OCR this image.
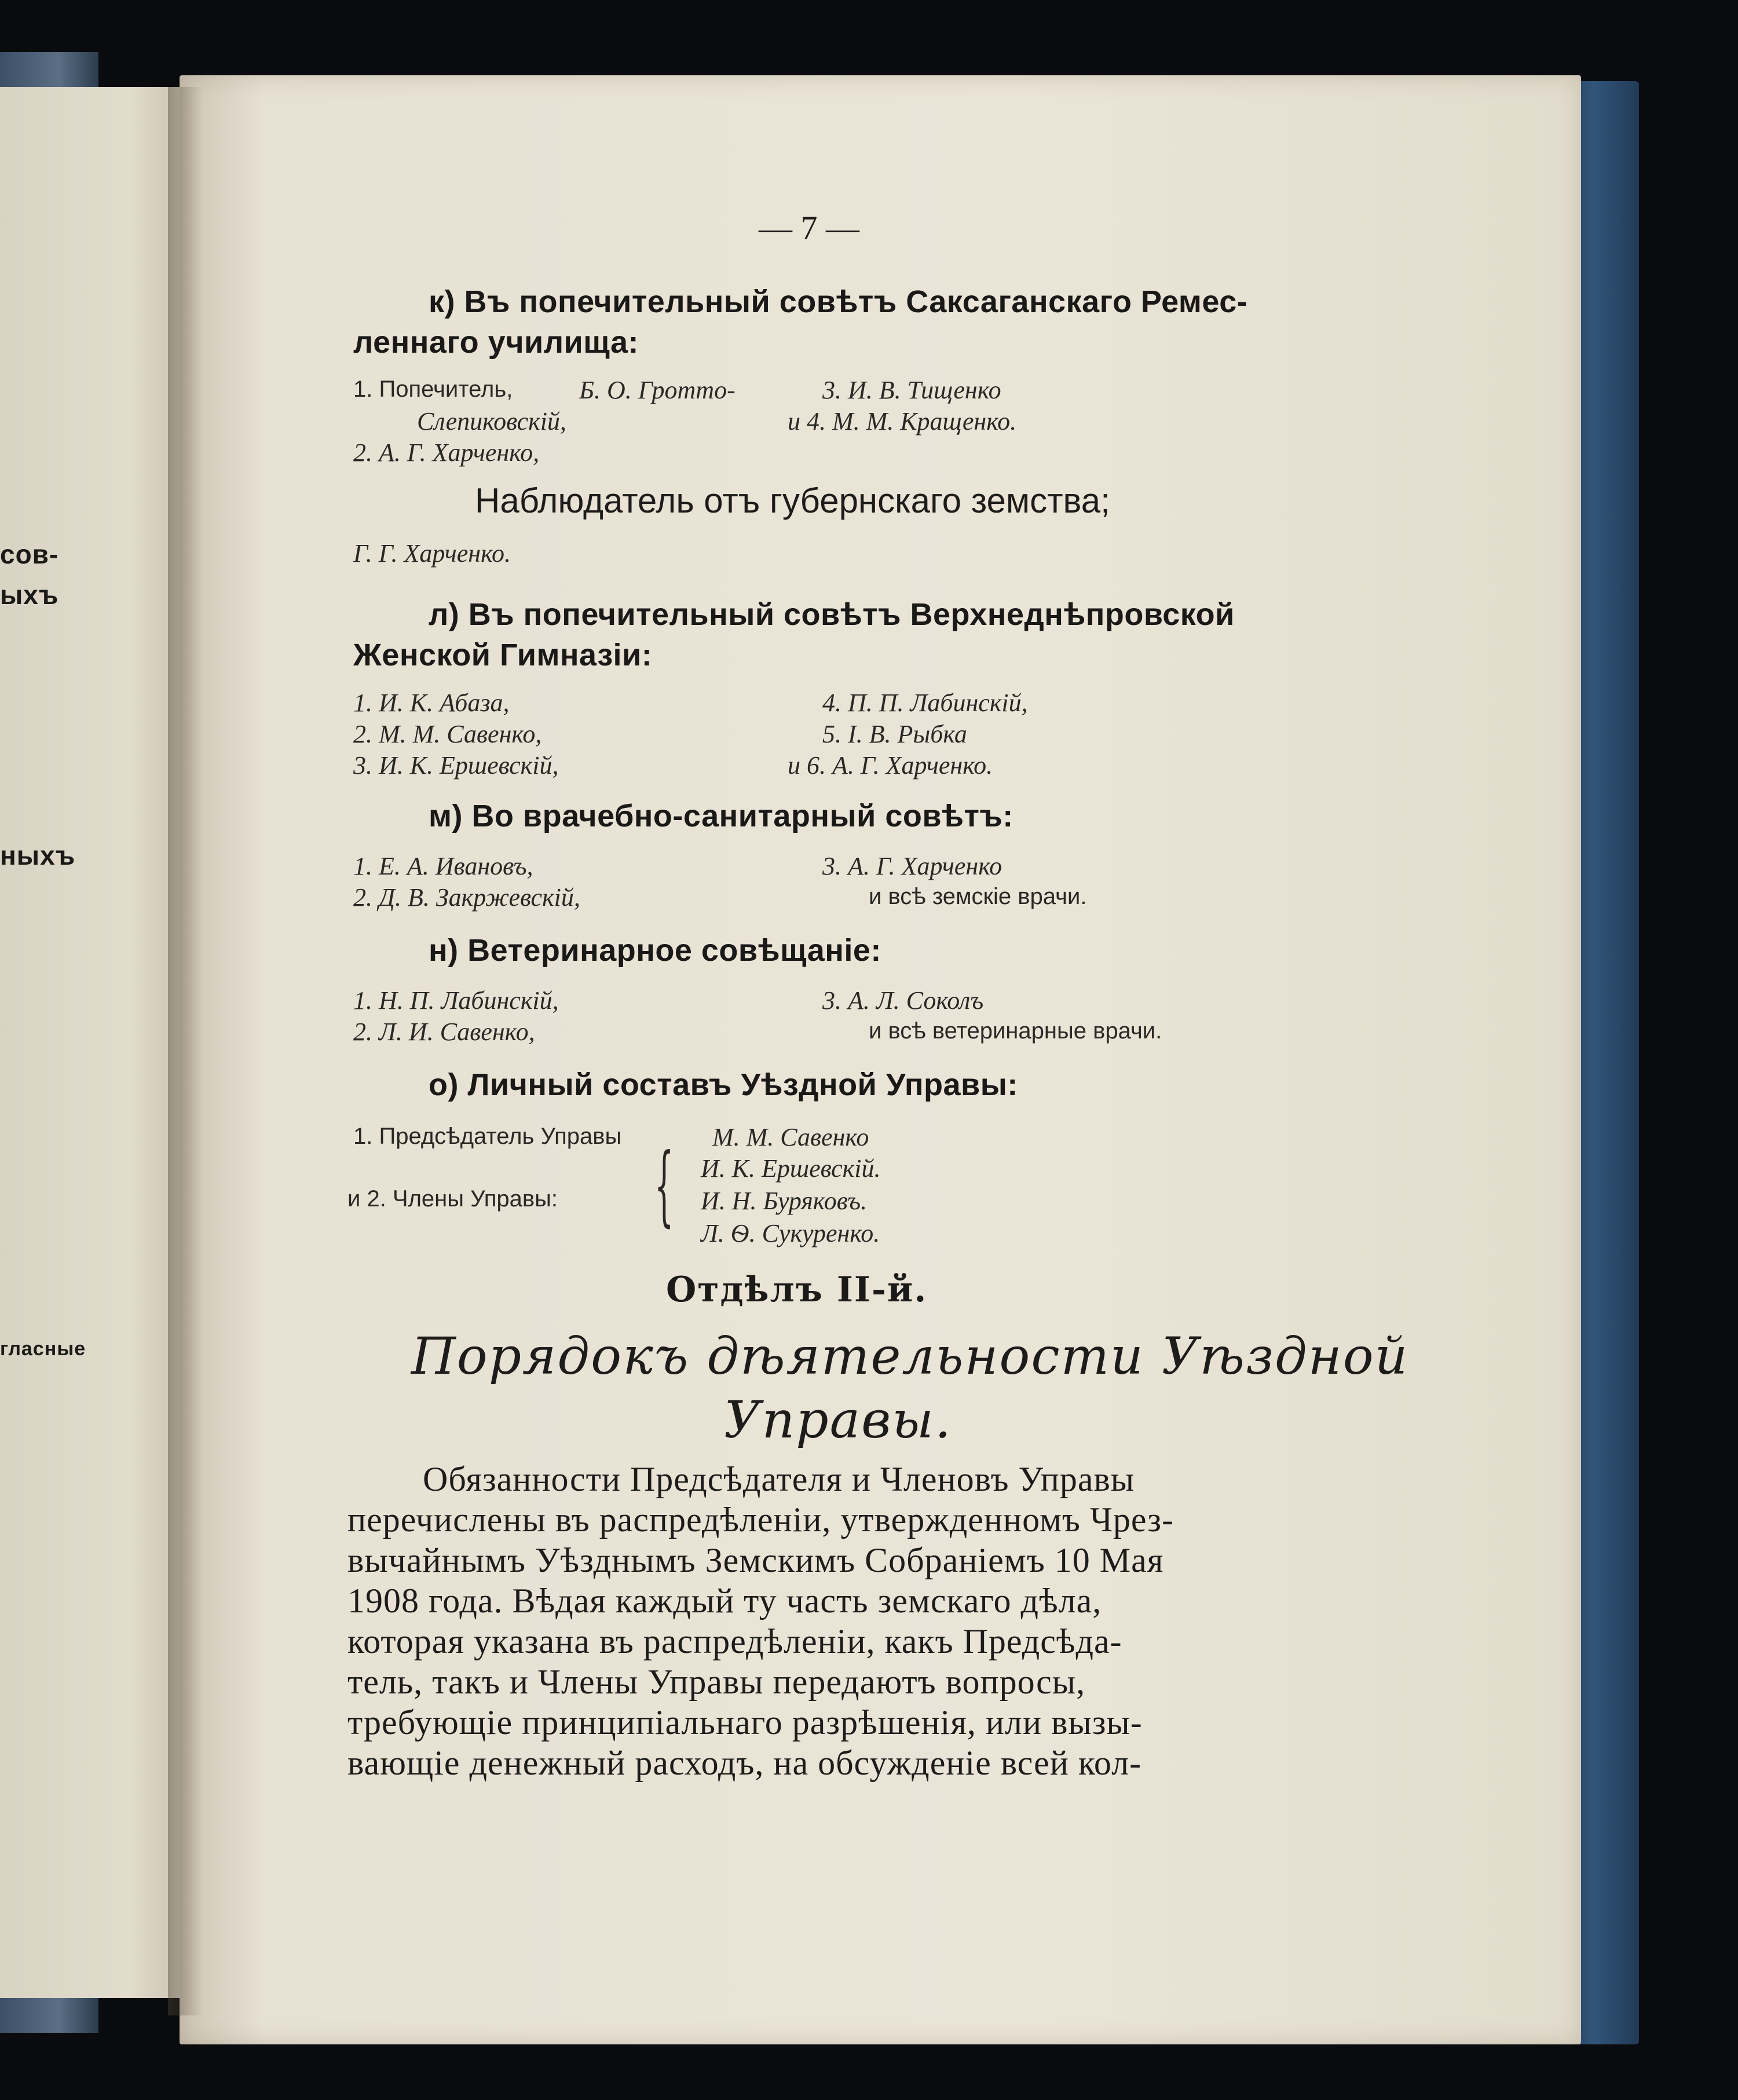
сов-
ыхъ
ныхъ
гласные
— 7 —
к) Въ попечительный совѣтъ Саксаганскаго Ремес-
леннаго училища:
1. Попечитель,	Б. О. Гротто-
Слепиковскій,
2. А. Г. Харченко,
3. И. В. Тищенко
и 4. М. М. Кращенко.
Наблюдатель отъ губернскаго земства;
Г. Г. Харченко.
л) Въ попечительный совѣтъ Верхнеднѣпровской
Женской Гимназіи:
1. И. К. Абаза,
2. М. М. Савенко,
3. И. К. Ершевскій,
4. П. П. Лабинскій,
5. І. В. Рыбка
и 6. А. Г. Харченко.
м) Во врачебно-санитарный совѣтъ:
1. Е. А. Ивановъ,
2. Д. В. Закржевскій,
3. А. Г. Харченко
и всѣ земскіе врачи.
н) Ветеринарное совѣщаніе:
1. Н. П. Лабинскій,
2. Л. И. Савенко,
3. А. Л. Соколъ
и всѣ ветеринарные врачи.
о) Личный составъ Уѣздной Управы:
1. Предсѣдатель Управы	М. М. Савенко
и 2. Члены Управы: { И. К. Ершевскій.
И. Н. Буряковъ.
Л. Ѳ. Сукуренко.
Отдѣлъ II-й.
Порядокъ дѣятельности Уѣздной
Управы.
Обязанности Предсѣдателя и Членовъ Управы
перечислены въ распредѣленіи, утвержденномъ Чрез-
вычайнымъ Уѣзднымъ Земскимъ Собраніемъ 10 Мая
1908 года. Вѣдая каждый ту часть земскаго дѣла,
которая указана въ распредѣленіи, какъ Предсѣда-
тель, такъ и Члены Управы передаютъ вопросы,
требующіе принципіальнаго разрѣшенія, или вызы-
вающіе денежный расходъ, на обсужденіе всей кол-
